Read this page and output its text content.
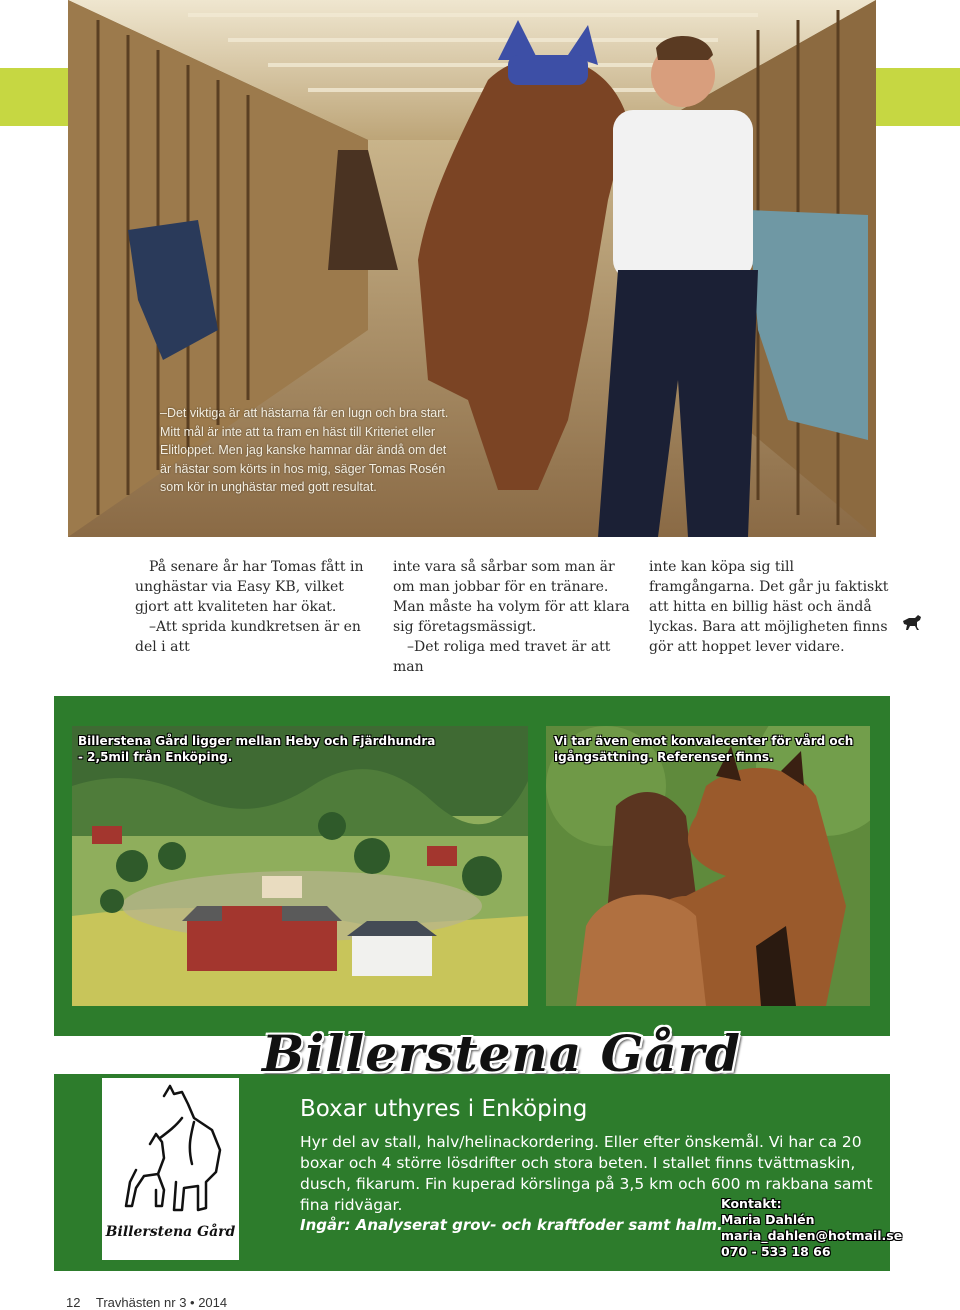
–Det viktiga är att hästarna får en lugn och bra start. Mitt mål är inte att ta fram en häst till Kriteriet eller Elitloppet. Men jag kanske hamnar där ändå om det är hästar som körts in hos mig, säger Tomas Rosén som kör in unghästar med gott resultat.

På senare år har Tomas fått in unghästar via Easy KB, vilket gjort att kvaliteten har ökat.

–Att sprida kundkretsen är en del i att

inte vara så sårbar som man är om man jobbar för en tränare. Man måste ha volym för att klara sig företagsmässigt.

–Det roliga med travet är att man

inte kan köpa sig till framgångarna. Det går ju faktiskt att hitta en billig häst och ändå lyckas. Bara att möjligheten finns gör att hoppet lever vidare.

Billerstena Gård ligger mellan Heby och Fjärdhundra
- 2,5mil från Enköping.
Vi tar även emot konvalecenter för vård och
igångsättning. Referenser finns.
Billerstena Gård
Billerstena Gård
Boxar uthyres i Enköping
Hyr del av stall, halv/helinackordering. Eller efter önskemål. Vi har ca 20 boxar och 4 större lösdrifter och stora beten. I stallet finns tvättmaskin, dusch, fikarum. Fin kuperad körslinga på 3,5 km och 600 m rakbana samt fina ridvägar.
Ingår: Analyserat grov- och kraftfoder samt halm.
Kontakt:
Maria Dahlén
maria_dahlen@hotmail.se
070 - 533 18 66
12 Travhästen nr 3 • 2014
